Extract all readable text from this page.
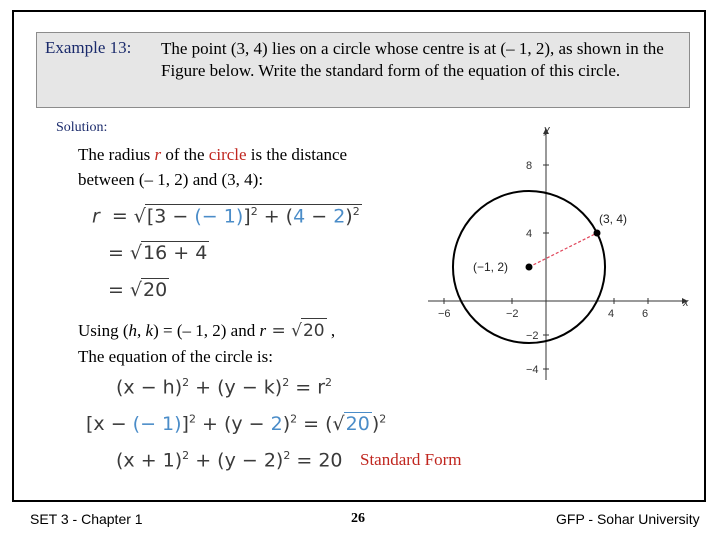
Example 13: The point (3, 4) lies on a circle whose centre is at (– 1, 2), as shown in the Figure below. Write the standard form of the equation of this circle.
Solution:
The radius r of the circle is the distance
between (– 1, 2) and (3, 4):
r = √[3 − (− $1)]^2 + (4 - 2)^2$
= √16 + 4
= √20
Using (h, k) = (– 1, 2) and r = √20 ,
The equation of the circle is:
$(x - h)^2 + (y - k)^2 = r^2$
[x − (− $1)]^2 + (y - 2)^2 = (√20$ )$^2$
$(x + 1)^2 + (y - 2)^2 = 20$ Standard Form
x
y
−6	−2	4	6
8
4
−2
−4
(−1, 2)
(3, 4)
SET 3 - Chapter 1	26	GFP - Sohar University
